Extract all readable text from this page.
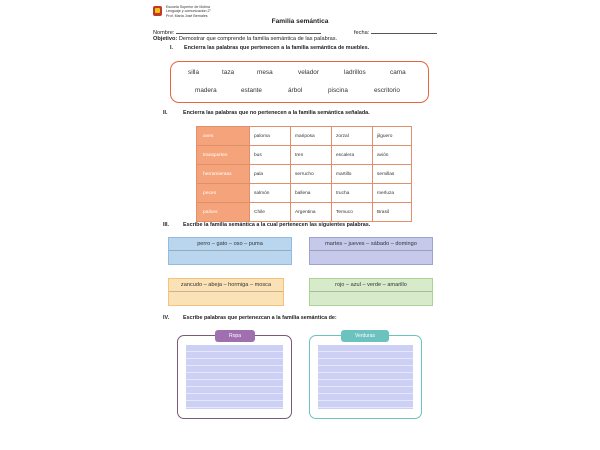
Escuela Superior de Molina
Lenguaje y comunicación 2°
Prof. María José Bernales
Familia semántica
Nombre:	fecha:
Objetivo: Demostrar que comprende la familia semántica de las palabras.
I. Encierra las palabras que pertenecen a la familia semántica de muebles.
silla	taza	mesa	velador	ladrillos	cama
madera	estante	árbol	piscina	escritorio
II.	Encierra las palabras que no pertenecen a la familia semántica señalada.
aves	paloma	mariposa	zorzal	jilguero
transportes	bus	tren	escalera	avión
herramientas	pala	serrucho	martillo	semillas
peces	salmón	ballena	trucha	merluza
países	Chile	Argentina	Temuco	Brasil
III.	Escribe la familia semántica a la cual pertenecen las siguientes palabras.
perro – gato – oso – puma	martes – jueves – sábado – domingo
zancudo – abeja – hormiga – mosca	rojo – azul – verde – amarillo
IV.	Escribe palabras que pertenezcan a la familia semántica de:
Ropa	Verduras
